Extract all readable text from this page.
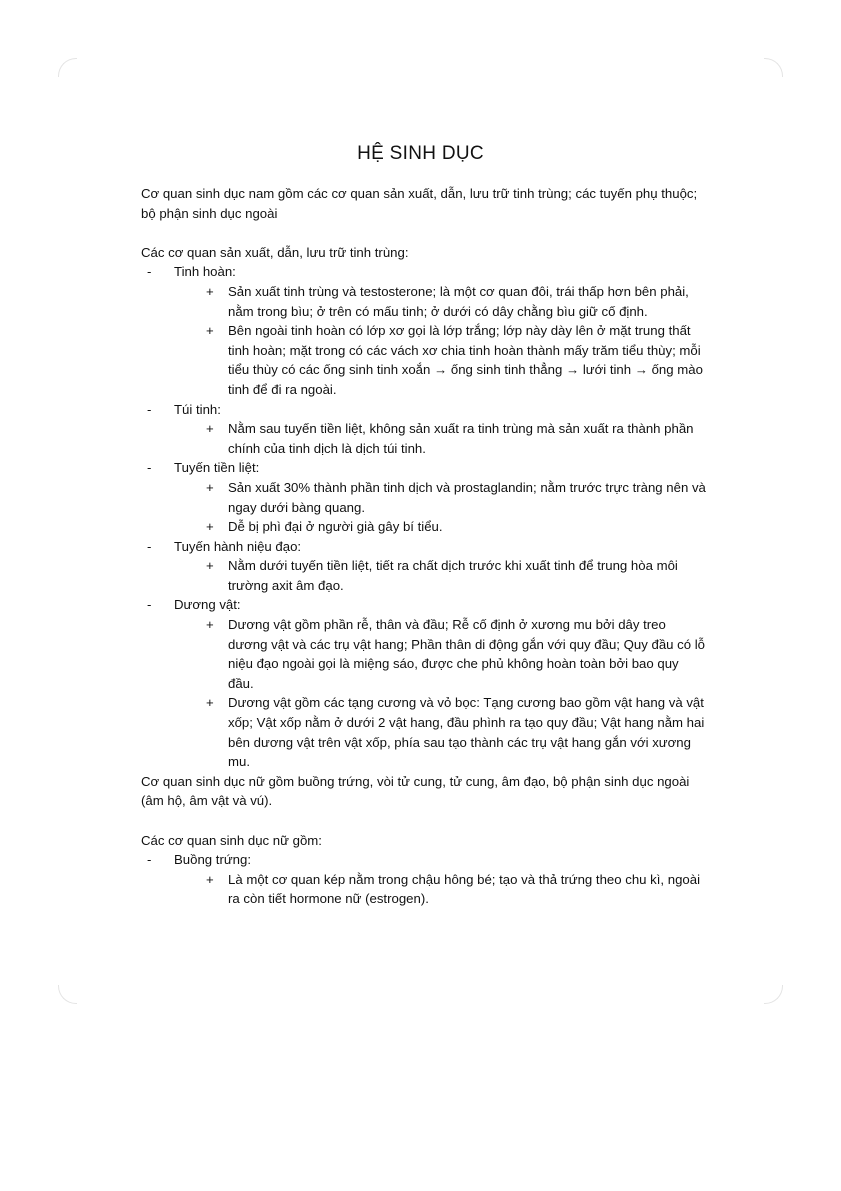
HỆ SINH DỤC

Cơ quan sinh dục nam gồm các cơ quan sản xuất, dẫn, lưu trữ tinh trùng; các tuyến phụ thuộc; bộ phận sinh dục ngoài

Các cơ quan sản xuất, dẫn, lưu trữ tinh trùng:

- Tinh hoàn:
+ Sản xuất tinh trùng và testosterone; là một cơ quan đôi, trái thấp hơn bên phải, nằm trong bìu; ở trên có mấu tinh; ở dưới có dây chằng bìu giữ cố định.
+ Bên ngoài tinh hoàn có lớp xơ gọi là lớp trắng; lớp này dày lên ở mặt trung thất tinh hoàn; mặt trong có các vách xơ chia tinh hoàn thành mấy trăm tiểu thùy; mỗi tiểu thùy có các ống sinh tinh xoắn → ống sinh tinh thẳng → lưới tinh → ống mào tinh để đi ra ngoài.
- Túi tinh:
+ Nằm sau tuyến tiền liệt, không sản xuất ra tinh trùng mà sản xuất ra thành phần chính của tinh dịch là dịch túi tinh.
- Tuyến tiền liệt:
+ Sản xuất 30% thành phần tinh dịch và prostaglandin; nằm trước trực tràng nên và ngay dưới bàng quang.
+ Dễ bị phì đại ở người già gây bí tiểu.
- Tuyến hành niệu đạo:
+ Nằm dưới tuyến tiền liệt, tiết ra chất dịch trước khi xuất tinh để trung hòa môi trường axit âm đạo.
- Dương vật:
+ Dương vật gồm phần rễ, thân và đầu; Rễ cố định ở xương mu bởi dây treo dương vật và các trụ vật hang; Phần thân di động gắn với quy đầu; Quy đầu có lỗ niệu đạo ngoài gọi là miệng sáo, được che phủ không hoàn toàn bởi bao quy đầu.
+ Dương vật gồm các tạng cương và vỏ bọc: Tạng cương bao gồm vật hang và vật xốp; Vật xốp nằm ở dưới 2 vật hang, đầu phình ra tạo quy đầu; Vật hang nằm hai bên dương vật trên vật xốp, phía sau tạo thành các trụ vật hang gắn với xương mu.

Cơ quan sinh dục nữ gồm buồng trứng, vòi tử cung, tử cung, âm đạo, bộ phận sinh dục ngoài (âm hộ, âm vật và vú).

Các cơ quan sinh dục nữ gồm:

- Buồng trứng:
+ Là một cơ quan kép nằm trong chậu hông bé; tạo và thả trứng theo chu kì, ngoài ra còn tiết hormone nữ (estrogen).
